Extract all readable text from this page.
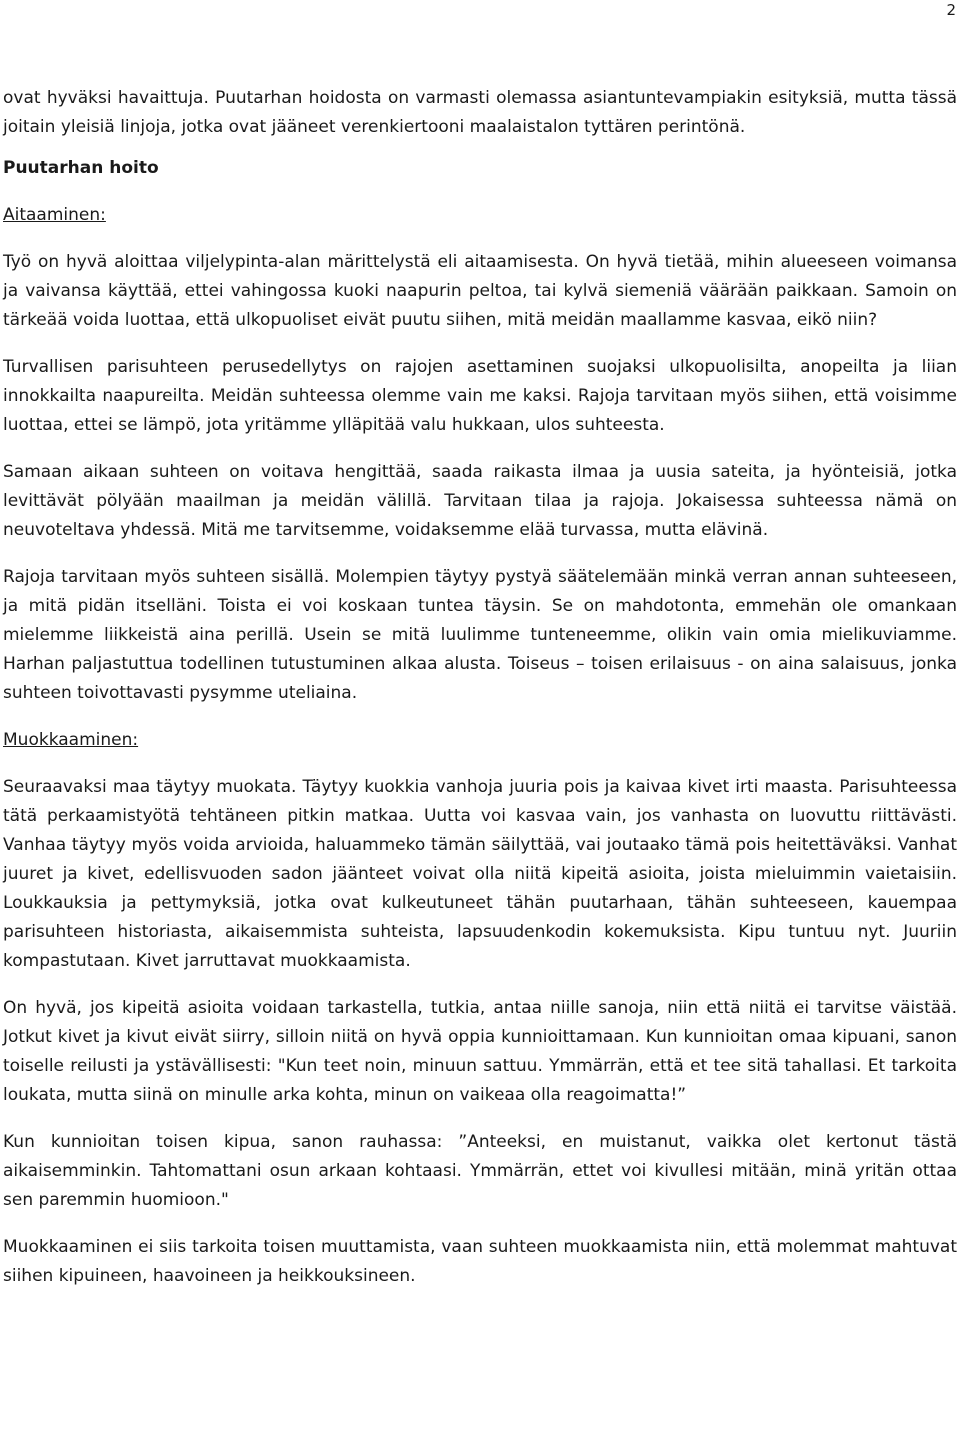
2

ovat hyväksi havaittuja. Puutarhan hoidosta on varmasti olemassa asiantuntevampiakin esityksiä, mutta tässä joitain yleisiä linjoja, jotka ovat jääneet verenkiertooni maalaistalon tyttären perintönä.

Puutarhan hoito
Aitaaminen:

Työ on hyvä aloittaa viljelypinta-alan märittelystä eli aitaamisesta. On hyvä tietää, mihin alueeseen voimansa ja vaivansa käyttää, ettei vahingossa kuoki naapurin peltoa, tai kylvä siemeniä väärään paikkaan. Samoin on tärkeää voida luottaa, että ulkopuoliset eivät puutu siihen, mitä meidän maallamme kasvaa, eikö niin?

Turvallisen parisuhteen perusedellytys on rajojen asettaminen suojaksi ulkopuolisilta, anopeilta ja liian innokkailta naapureilta. Meidän suhteessa olemme vain me kaksi. Rajoja tarvitaan myös siihen, että voisimme luottaa, ettei se lämpö, jota yritämme ylläpitää valu hukkaan, ulos suhteesta.

Samaan aikaan suhteen on voitava hengittää, saada raikasta ilmaa ja uusia sateita, ja hyönteisiä, jotka levittävät pölyään maailman ja meidän välillä. Tarvitaan tilaa ja rajoja. Jokaisessa suhteessa nämä on neuvoteltava yhdessä. Mitä me tarvitsemme, voidaksemme elää turvassa, mutta elävinä.

Rajoja tarvitaan myös suhteen sisällä. Molempien täytyy pystyä säätelemään minkä verran annan suhteeseen, ja mitä pidän itselläni. Toista ei voi koskaan tuntea täysin. Se on mahdotonta, emmehän ole omankaan mielemme liikkeistä aina perillä. Usein se mitä luulimme tunteneemme, olikin vain omia mielikuviamme. Harhan paljastuttua todellinen tutustuminen alkaa alusta. Toiseus – toisen erilaisuus - on aina salaisuus, jonka suhteen toivottavasti pysymme uteliaina.

Muokkaaminen:

Seuraavaksi maa täytyy muokata. Täytyy kuokkia vanhoja juuria pois ja kaivaa kivet irti maasta. Parisuhteessa tätä perkaamistyötä tehtäneen pitkin matkaa. Uutta voi kasvaa vain, jos vanhasta on luovuttu riittävästi. Vanhaa täytyy myös voida arvioida, haluammeko tämän säilyttää, vai joutaako tämä pois heitettäväksi. Vanhat juuret ja kivet, edellisvuoden sadon jäänteet voivat olla niitä kipeitä asioita, joista mieluimmin vaietaisiin. Loukkauksia ja pettymyksiä, jotka ovat kulkeutuneet tähän puutarhaan, tähän suhteeseen, kauempaa parisuhteen historiasta, aikaisemmista suhteista, lapsuudenkodin kokemuksista. Kipu tuntuu nyt. Juuriin kompastutaan. Kivet jarruttavat muokkaamista.

On hyvä, jos kipeitä asioita voidaan tarkastella, tutkia, antaa niille sanoja, niin että niitä ei tarvitse väistää. Jotkut kivet ja kivut eivät siirry, silloin niitä on hyvä oppia kunnioittamaan. Kun kunnioitan omaa kipuani, sanon toiselle reilusti ja ystävällisesti: "Kun teet noin, minuun sattuu. Ymmärrän, että et tee sitä tahallasi. Et tarkoita loukata, mutta siinä on minulle arka kohta, minun on vaikeaa olla reagoimatta!”

Kun kunnioitan toisen kipua, sanon rauhassa: ”Anteeksi, en muistanut, vaikka olet kertonut tästä aikaisemminkin. Tahtomattani osun arkaan kohtaasi. Ymmärrän, ettet voi kivullesi mitään, minä yritän ottaa sen paremmin huomioon."

Muokkaaminen ei siis tarkoita toisen muuttamista, vaan suhteen muokkaamista niin, että molemmat mahtuvat siihen kipuineen, haavoineen ja heikkouksineen.
